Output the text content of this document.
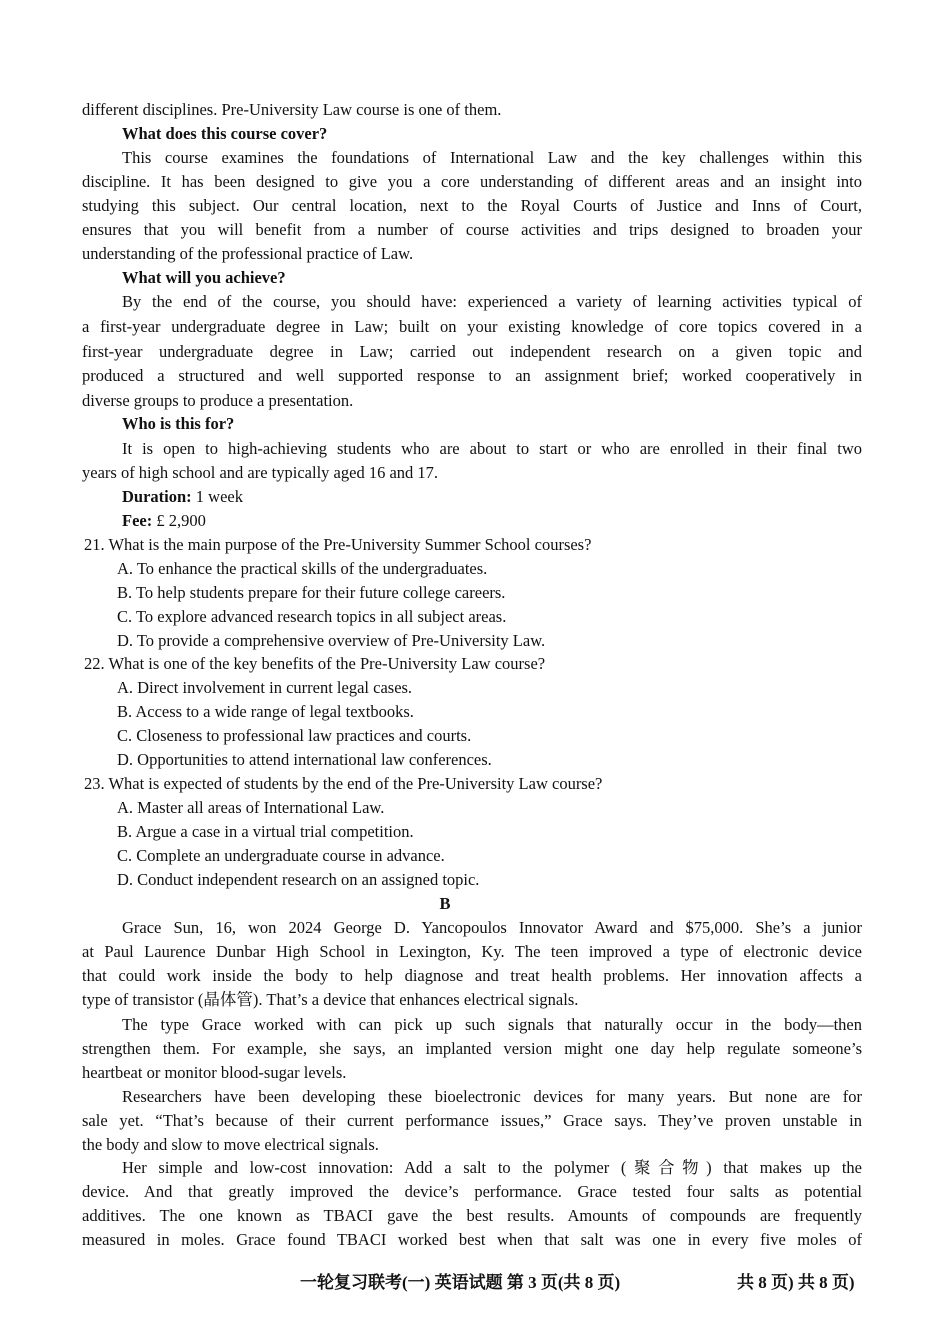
different disciplines. Pre-University Law course is one of them.
What does this course cover?
This course examines the foundations of International Law and the key challenges within this
discipline. It has been designed to give you a core understanding of different areas and an insight into
studying this subject. Our central location, next to the Royal Courts of Justice and Inns of Court,
ensures that you will benefit from a number of course activities and trips designed to broaden your
understanding of the professional practice of Law.
What will you achieve?
By the end of the course, you should have: experienced a variety of learning activities typical of
a first-year undergraduate degree in Law; built on your existing knowledge of core topics covered in a
first-year undergraduate degree in Law; carried out independent research on a given topic and
produced a structured and well supported response to an assignment brief; worked cooperatively in
diverse groups to produce a presentation.
Who is this for?
It is open to high-achieving students who are about to start or who are enrolled in their final two
years of high school and are typically aged 16 and 17.
Duration: 1 week
Fee: £ 2,900
21. What is the main purpose of the Pre-University Summer School courses?
A. To enhance the practical skills of the undergraduates.
B. To help students prepare for their future college careers.
C. To explore advanced research topics in all subject areas.
D. To provide a comprehensive overview of Pre-University Law.
22. What is one of the key benefits of the Pre-University Law course?
A. Direct involvement in current legal cases.
B. Access to a wide range of legal textbooks.
C. Closeness to professional law practices and courts.
D. Opportunities to attend international law conferences.
23. What is expected of students by the end of the Pre-University Law course?
A. Master all areas of International Law.
B. Argue a case in a virtual trial competition.
C. Complete an undergraduate course in advance.
D. Conduct independent research on an assigned topic.
B
Grace Sun, 16, won 2024 George D. Yancopoulos Innovator Award and $75,000. She’s a junior
at Paul Laurence Dunbar High School in Lexington, Ky. The teen improved a type of electronic device
that could work inside the body to help diagnose and treat health problems. Her innovation affects a
type of transistor (晶体管). That’s a device that enhances electrical signals.
The type Grace worked with can pick up such signals that naturally occur in the body—then
strengthen them. For example, she says, an implanted version might one day help regulate someone’s
heartbeat or monitor blood-sugar levels.
Researchers have been developing these bioelectronic devices for many years. But none are for
sale yet. “That’s because of their current performance issues,” Grace says. They’ve proven unstable in
the body and slow to move electrical signals.
Her simple and low-cost innovation: Add a salt to the polymer (聚合物) that makes up the
device. And that greatly improved the device’s performance. Grace tested four salts as potential
additives. The one known as TBACI gave the best results. Amounts of compounds are frequently
measured in moles. Grace found TBACI worked best when that salt was one in every five moles of
一轮复习联考(一) 英语试题 第 3 页(共 8 页)	共 8 页) 共 8 页)
